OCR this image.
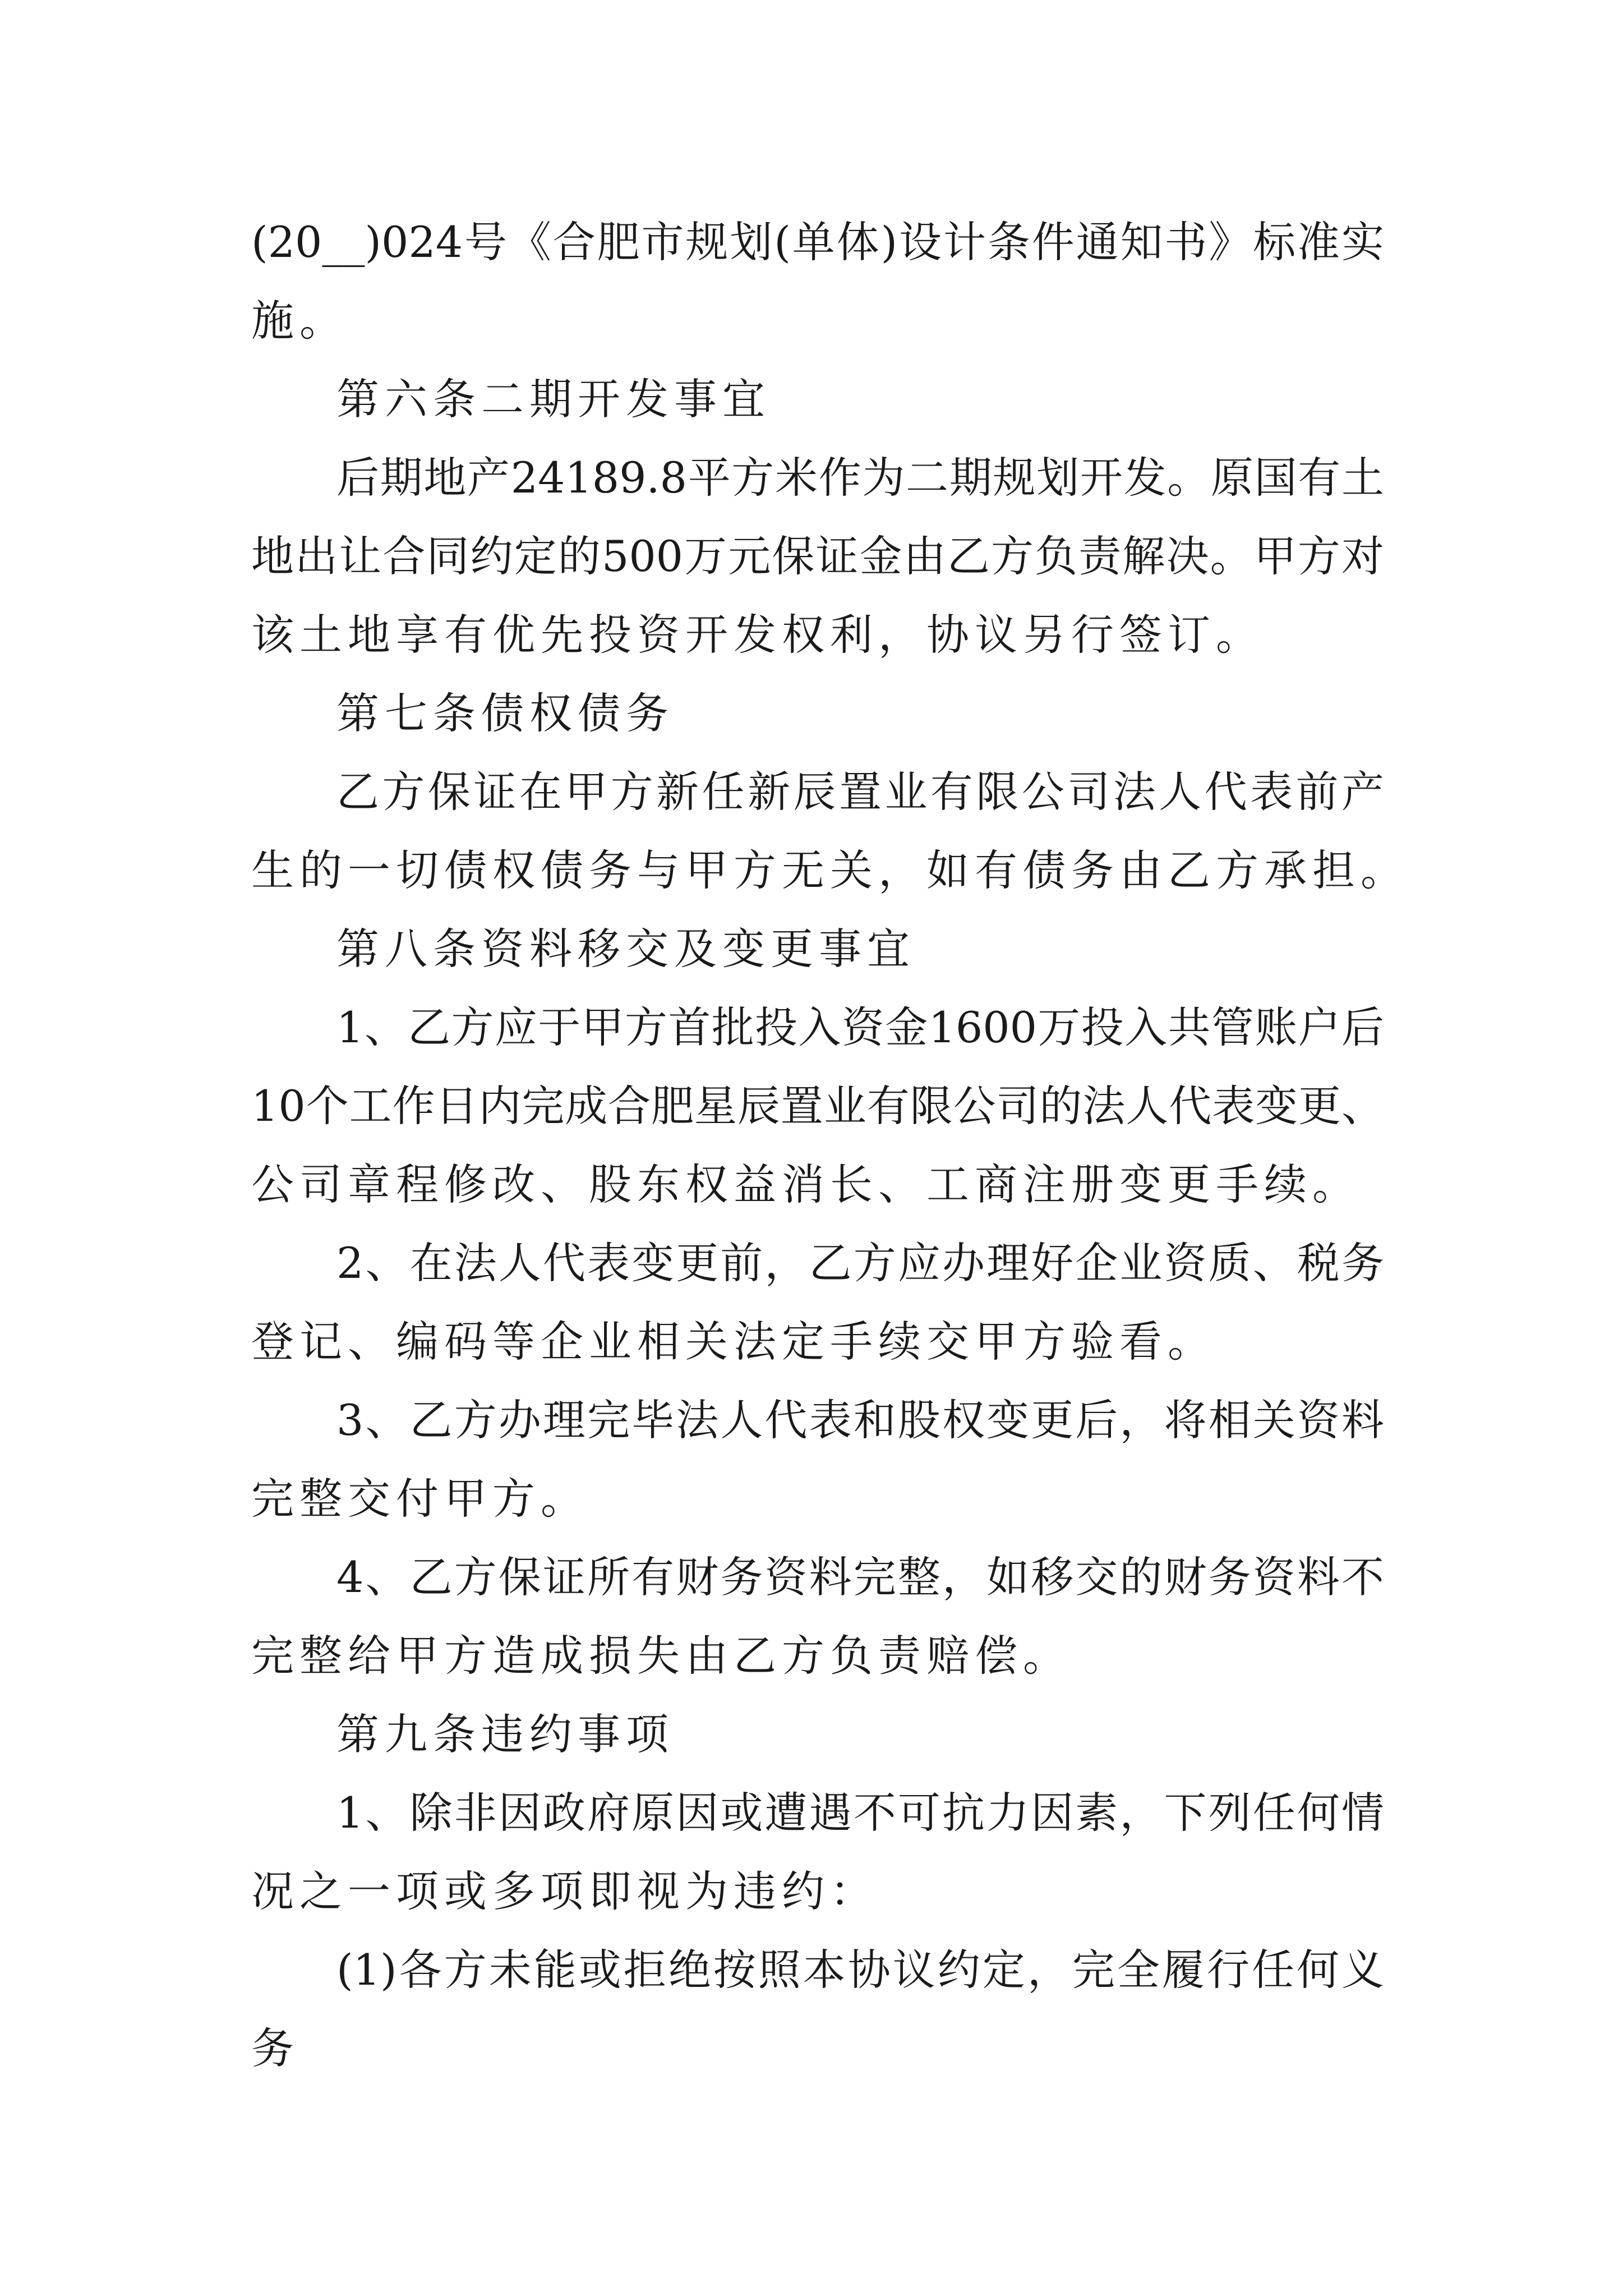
(20__)024号《合肥市规划(单体)设计条件通知书》标准实
施。
第六条二期开发事宜
后期地产24189.8平方米作为二期规划开发。原国有土
地出让合同约定的500万元保证金由乙方负责解决。甲方对
该土地享有优先投资开发权利，协议另行签订。
第七条债权债务
乙方保证在甲方新任新辰置业有限公司法人代表前产
生的一切债权债务与甲方无关，如有债务由乙方承担。
第八条资料移交及变更事宜
1、乙方应于甲方首批投入资金1600万投入共管账户后
10个工作日内完成合肥星辰置业有限公司的法人代表变更、
公司章程修改、股东权益消长、工商注册变更手续。
2、在法人代表变更前，乙方应办理好企业资质、税务
登记、编码等企业相关法定手续交甲方验看。
3、乙方办理完毕法人代表和股权变更后，将相关资料
完整交付甲方。
4、乙方保证所有财务资料完整，如移交的财务资料不
完整给甲方造成损失由乙方负责赔偿。
第九条违约事项
1、除非因政府原因或遭遇不可抗力因素，下列任何情
况之一项或多项即视为违约：
(1)各方未能或拒绝按照本协议约定，完全履行任何义
务
